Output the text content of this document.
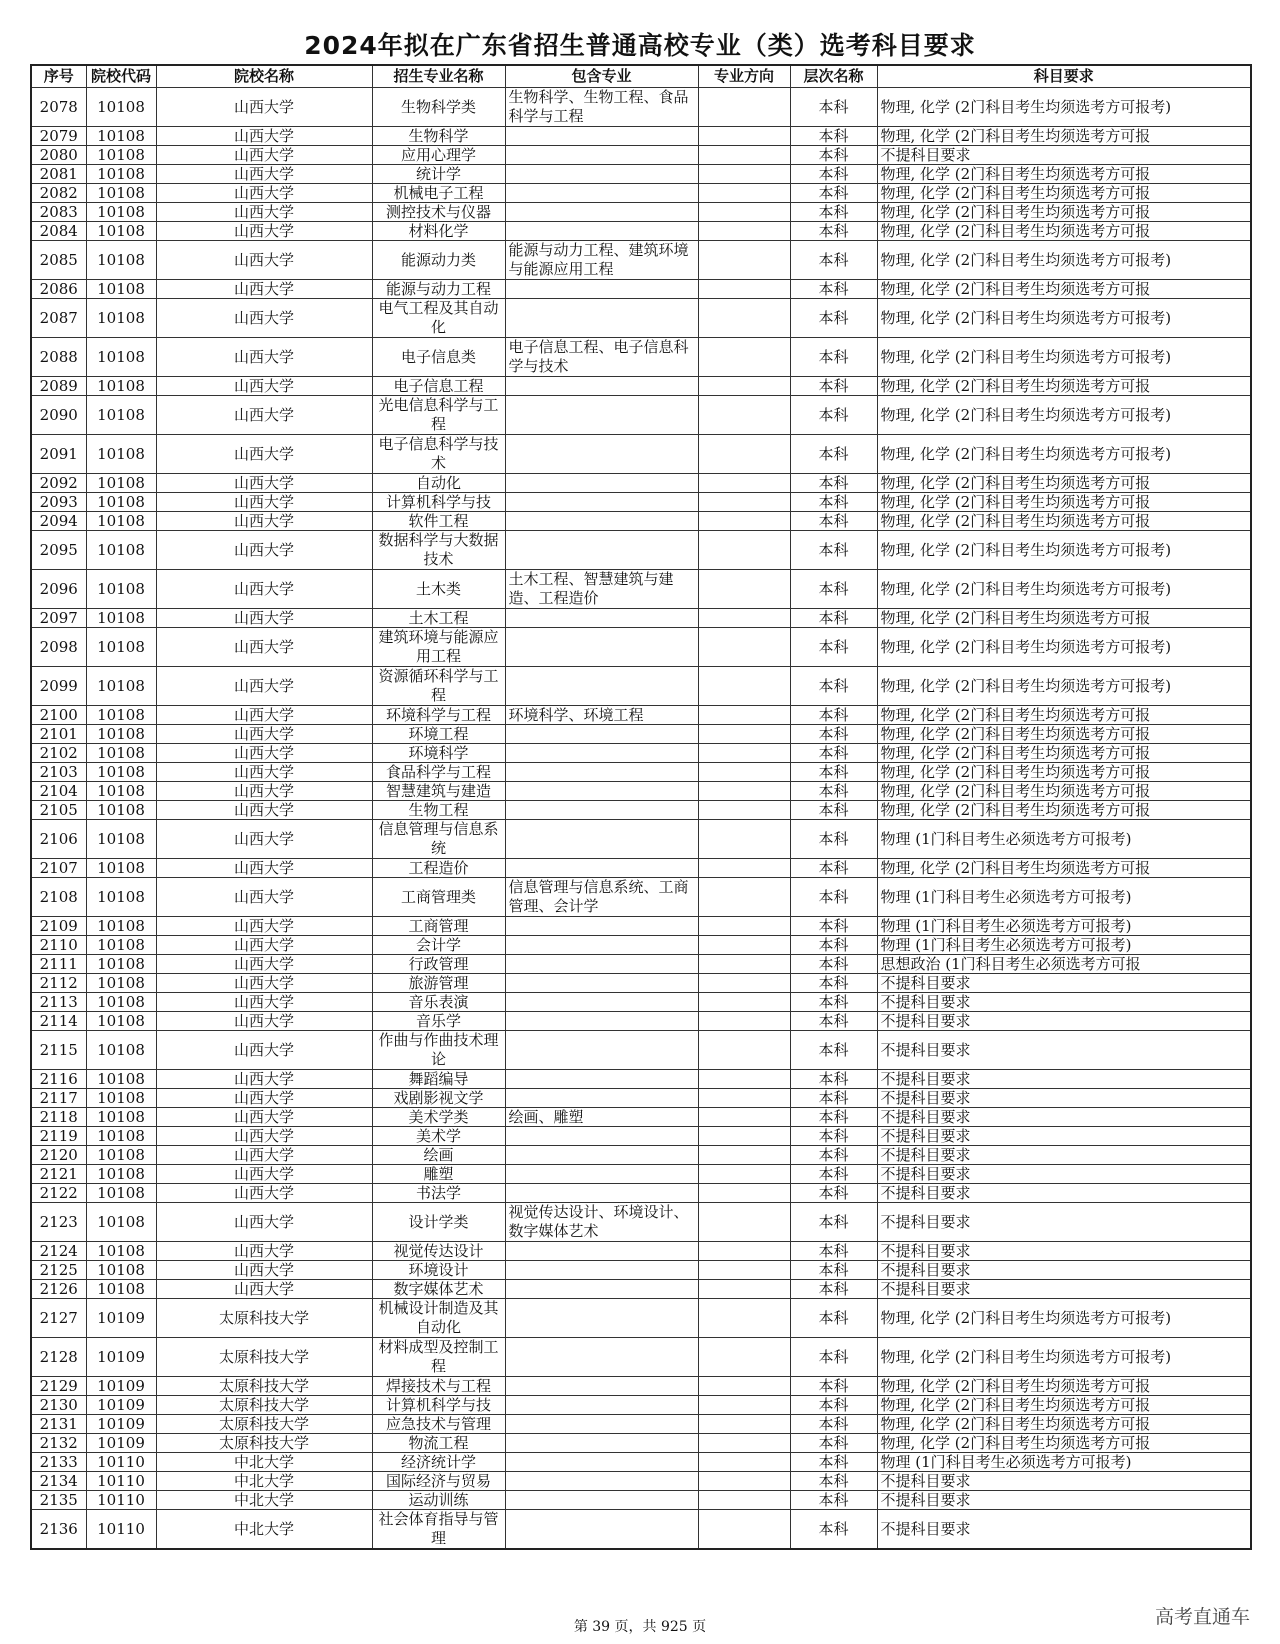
2024年拟在广东省招生普通高校专业（类）选考科目要求
序号	院校代码	院校名称	招生专业名称	包含专业	专业方向	层次名称	科目要求
2078	10108	山西大学	生物科学类	生物科学、生物工程、食品科学与工程		本科	物理, 化学 (2门科目考生均须选考方可报考)
2079	10108	山西大学	生物科学			本科	物理, 化学 (2门科目考生均须选考方可报
2080	10108	山西大学	应用心理学			本科	不提科目要求
2081	10108	山西大学	统计学			本科	物理, 化学 (2门科目考生均须选考方可报
2082	10108	山西大学	机械电子工程			本科	物理, 化学 (2门科目考生均须选考方可报
2083	10108	山西大学	测控技术与仪器			本科	物理, 化学 (2门科目考生均须选考方可报
2084	10108	山西大学	材料化学			本科	物理, 化学 (2门科目考生均须选考方可报
2085	10108	山西大学	能源动力类	能源与动力工程、建筑环境与能源应用工程		本科	物理, 化学 (2门科目考生均须选考方可报考)
2086	10108	山西大学	能源与动力工程			本科	物理, 化学 (2门科目考生均须选考方可报
2087	10108	山西大学	电气工程及其自动化			本科	物理, 化学 (2门科目考生均须选考方可报考)
2088	10108	山西大学	电子信息类	电子信息工程、电子信息科学与技术		本科	物理, 化学 (2门科目考生均须选考方可报考)
2089	10108	山西大学	电子信息工程			本科	物理, 化学 (2门科目考生均须选考方可报
2090	10108	山西大学	光电信息科学与工程			本科	物理, 化学 (2门科目考生均须选考方可报考)
2091	10108	山西大学	电子信息科学与技术			本科	物理, 化学 (2门科目考生均须选考方可报考)
2092	10108	山西大学	自动化			本科	物理, 化学 (2门科目考生均须选考方可报
2093	10108	山西大学	计算机科学与技			本科	物理, 化学 (2门科目考生均须选考方可报
2094	10108	山西大学	软件工程			本科	物理, 化学 (2门科目考生均须选考方可报
2095	10108	山西大学	数据科学与大数据技术			本科	物理, 化学 (2门科目考生均须选考方可报考)
2096	10108	山西大学	土木类	土木工程、智慧建筑与建造、工程造价		本科	物理, 化学 (2门科目考生均须选考方可报考)
2097	10108	山西大学	土木工程			本科	物理, 化学 (2门科目考生均须选考方可报
2098	10108	山西大学	建筑环境与能源应用工程			本科	物理, 化学 (2门科目考生均须选考方可报考)
2099	10108	山西大学	资源循环科学与工程			本科	物理, 化学 (2门科目考生均须选考方可报考)
2100	10108	山西大学	环境科学与工程	环境科学、环境工程		本科	物理, 化学 (2门科目考生均须选考方可报
2101	10108	山西大学	环境工程			本科	物理, 化学 (2门科目考生均须选考方可报
2102	10108	山西大学	环境科学			本科	物理, 化学 (2门科目考生均须选考方可报
2103	10108	山西大学	食品科学与工程			本科	物理, 化学 (2门科目考生均须选考方可报
2104	10108	山西大学	智慧建筑与建造			本科	物理, 化学 (2门科目考生均须选考方可报
2105	10108	山西大学	生物工程			本科	物理, 化学 (2门科目考生均须选考方可报
2106	10108	山西大学	信息管理与信息系统			本科	物理 (1门科目考生必须选考方可报考)
2107	10108	山西大学	工程造价			本科	物理, 化学 (2门科目考生均须选考方可报
2108	10108	山西大学	工商管理类	信息管理与信息系统、工商管理、会计学		本科	物理 (1门科目考生必须选考方可报考)
2109	10108	山西大学	工商管理			本科	物理 (1门科目考生必须选考方可报考)
2110	10108	山西大学	会计学			本科	物理 (1门科目考生必须选考方可报考)
2111	10108	山西大学	行政管理			本科	思想政治 (1门科目考生必须选考方可报
2112	10108	山西大学	旅游管理			本科	不提科目要求
2113	10108	山西大学	音乐表演			本科	不提科目要求
2114	10108	山西大学	音乐学			本科	不提科目要求
2115	10108	山西大学	作曲与作曲技术理论			本科	不提科目要求
2116	10108	山西大学	舞蹈编导			本科	不提科目要求
2117	10108	山西大学	戏剧影视文学			本科	不提科目要求
2118	10108	山西大学	美术学类	绘画、雕塑		本科	不提科目要求
2119	10108	山西大学	美术学			本科	不提科目要求
2120	10108	山西大学	绘画			本科	不提科目要求
2121	10108	山西大学	雕塑			本科	不提科目要求
2122	10108	山西大学	书法学			本科	不提科目要求
2123	10108	山西大学	设计学类	视觉传达设计、环境设计、数字媒体艺术		本科	不提科目要求
2124	10108	山西大学	视觉传达设计			本科	不提科目要求
2125	10108	山西大学	环境设计			本科	不提科目要求
2126	10108	山西大学	数字媒体艺术			本科	不提科目要求
2127	10109	太原科技大学	机械设计制造及其自动化			本科	物理, 化学 (2门科目考生均须选考方可报考)
2128	10109	太原科技大学	材料成型及控制工程			本科	物理, 化学 (2门科目考生均须选考方可报考)
2129	10109	太原科技大学	焊接技术与工程			本科	物理, 化学 (2门科目考生均须选考方可报
2130	10109	太原科技大学	计算机科学与技			本科	物理, 化学 (2门科目考生均须选考方可报
2131	10109	太原科技大学	应急技术与管理			本科	物理, 化学 (2门科目考生均须选考方可报
2132	10109	太原科技大学	物流工程			本科	物理, 化学 (2门科目考生均须选考方可报
2133	10110	中北大学	经济统计学			本科	物理 (1门科目考生必须选考方可报考)
2134	10110	中北大学	国际经济与贸易			本科	不提科目要求
2135	10110	中北大学	运动训练			本科	不提科目要求
2136	10110	中北大学	社会体育指导与管理			本科	不提科目要求
第 39 页，共 925 页	高考直通车
